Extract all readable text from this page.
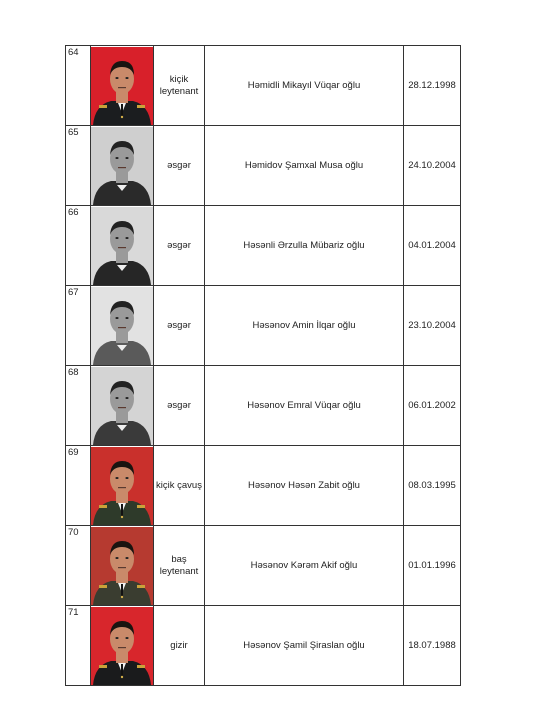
64		kiçik leytenant	Həmidli Mikayıl Vüqar oğlu	28.12.1998
65		əsgər	Həmidov Şamxal Musa oğlu	24.10.2004
66		əsgər	Həsənli Ərzulla Mübariz oğlu	04.01.2004
67		əsgər	Həsənov Amin İlqar oğlu	23.10.2004
68		əsgər	Həsənov Emral Vüqar oğlu	06.01.2002
69		kiçik çavuş	Həsənov Həsən Zabit oğlu	08.03.1995
70		baş leytenant	Həsənov Kərəm Akif oğlu	01.01.1996
71		gizir	Həsənov Şamil Şiraslan oğlu	18.07.1988
